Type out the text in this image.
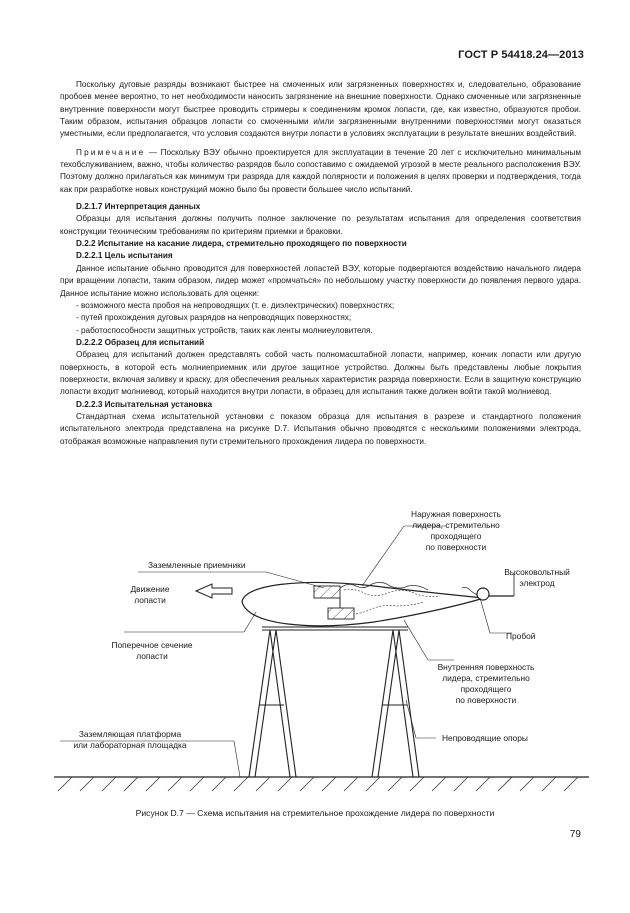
ГОСТ Р 54418.24—2013

Поскольку дуговые разряды возникают быстрее на смоченных или загрязненных поверхностях и, следовательно, образование пробоев менее вероятно, то нет необходимости наносить загрязнение на внешние поверхности. Однако смоченные или загрязненные внутренние поверхности могут быстрее проводить стримеры к соединениям кромок лопасти, где, как известно, образуются пробои. Таким образом, испытания образцов лопасти со смоченными и/или загрязненными внутренними поверхностями могут оказаться уместными, если предполагается, что условия создаются внутри лопасти в условиях эксплуатации в результате внешних воздействий.

Примечание — Поскольку ВЭУ обычно проектируется для эксплуатации в течение 20 лет с исключительно минимальным техобслуживанием, важно, чтобы количество разрядов было сопоставимо с ожидаемой угрозой в месте реального расположения ВЭУ. Поэтому должно прилагаться как минимум три разряда для каждой полярности и положения в целях проверки и подтверждения, тогда как при разработке новых конструкций можно было бы провести большее число испытаний.

D.2.1.7 Интерпретация данных

Образцы для испытания должны получить полное заключение по результатам испытания для определения соответствия конструкции техническим требованиям по критериям приемки и браковки.

D.2.2 Испытание на касание лидера, стремительно проходящего по поверхности

D.2.2.1 Цель испытания

Данное испытание обычно проводится для поверхностей лопастей ВЭУ, которые подвергаются воздействию начального лидера при вращении лопасти, таким образом, лидер может «промчаться» по небольшому участку поверхности до появления первого удара. Данное испытание можно использовать для оценки:

- возможного места пробоя на непроводящих (т. е. диэлектрических) поверхностях;

- путей прохождения дуговых разрядов на непроводящих поверхностях;

- работоспособности защитных устройств, таких как ленты молниеуловителя.

D.2.2.2 Образец для испытаний

Образец для испытаний должен представлять собой часть полномасштабной лопасти, например, кончик лопасти или другую поверхность, в которой есть молниеприемник или другое защитное устройство. Должны быть представлены любые покрытия поверхности, включая заливку и краску, для обеспечения реальных характеристик разряда поверхности. Если в защитную конструкцию лопасти входит молниевод, который находится внутри лопасти, в образец для испытания также должен войти такой молниевод.

D.2.2.3 Испытательная установка

Стандартная схема испытательной установки с показом образца для испытания в разрезе и стандартного положения испытательного электрода представлена на рисунке D.7. Испытания обычно проводятся с несколькими положениями электрода, отображая возможные направления пути стремительного прохождения лидера по поверхности.

Наружная поверхность
лидера, стремительно
проходящего
по поверхности
Заземленные приемники
Высоковольтный
электрод
Движение
лопасти
Пробой
Поперечное сечение
лопасти
Внутренняя поверхность
лидера, стремительно
проходящего
по поверхности
Заземляющая платформа
или лабораторная площадка
Непроводящие опоры
Рисунок D.7 — Схема испытания на стремительное прохождение лидера по поверхности
79
